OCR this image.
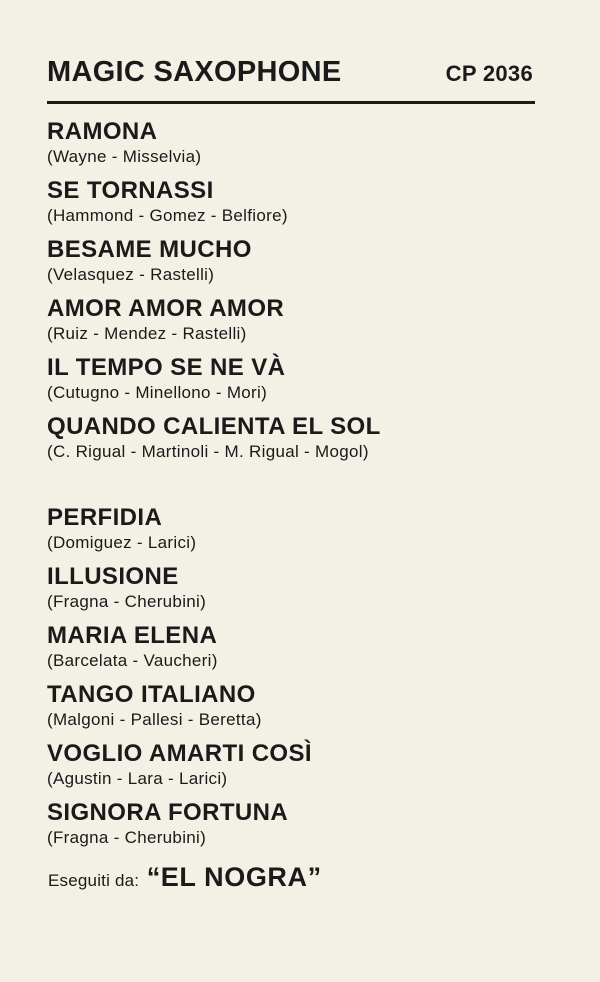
MAGIC SAXOPHONE	CP 2036
RAMONA
(Wayne - Misselvia)
SE TORNASSI
(Hammond - Gomez - Belfiore)
BESAME MUCHO
(Velasquez - Rastelli)
AMOR AMOR AMOR
(Ruiz - Mendez - Rastelli)
IL TEMPO SE NE VÀ
(Cutugno - Minellono - Mori)
QUANDO CALIENTA EL SOL
(C. Rigual - Martinoli - M. Rigual - Mogol)
PERFIDIA
(Domiguez - Larici)
ILLUSIONE
(Fragna - Cherubini)
MARIA ELENA
(Barcelata - Vaucheri)
TANGO ITALIANO
(Malgoni - Pallesi - Beretta)
VOGLIO AMARTI COSÌ
(Agustin - Lara - Larici)
SIGNORA FORTUNA
(Fragna - Cherubini)
Eseguiti da: “EL NOGRA”
